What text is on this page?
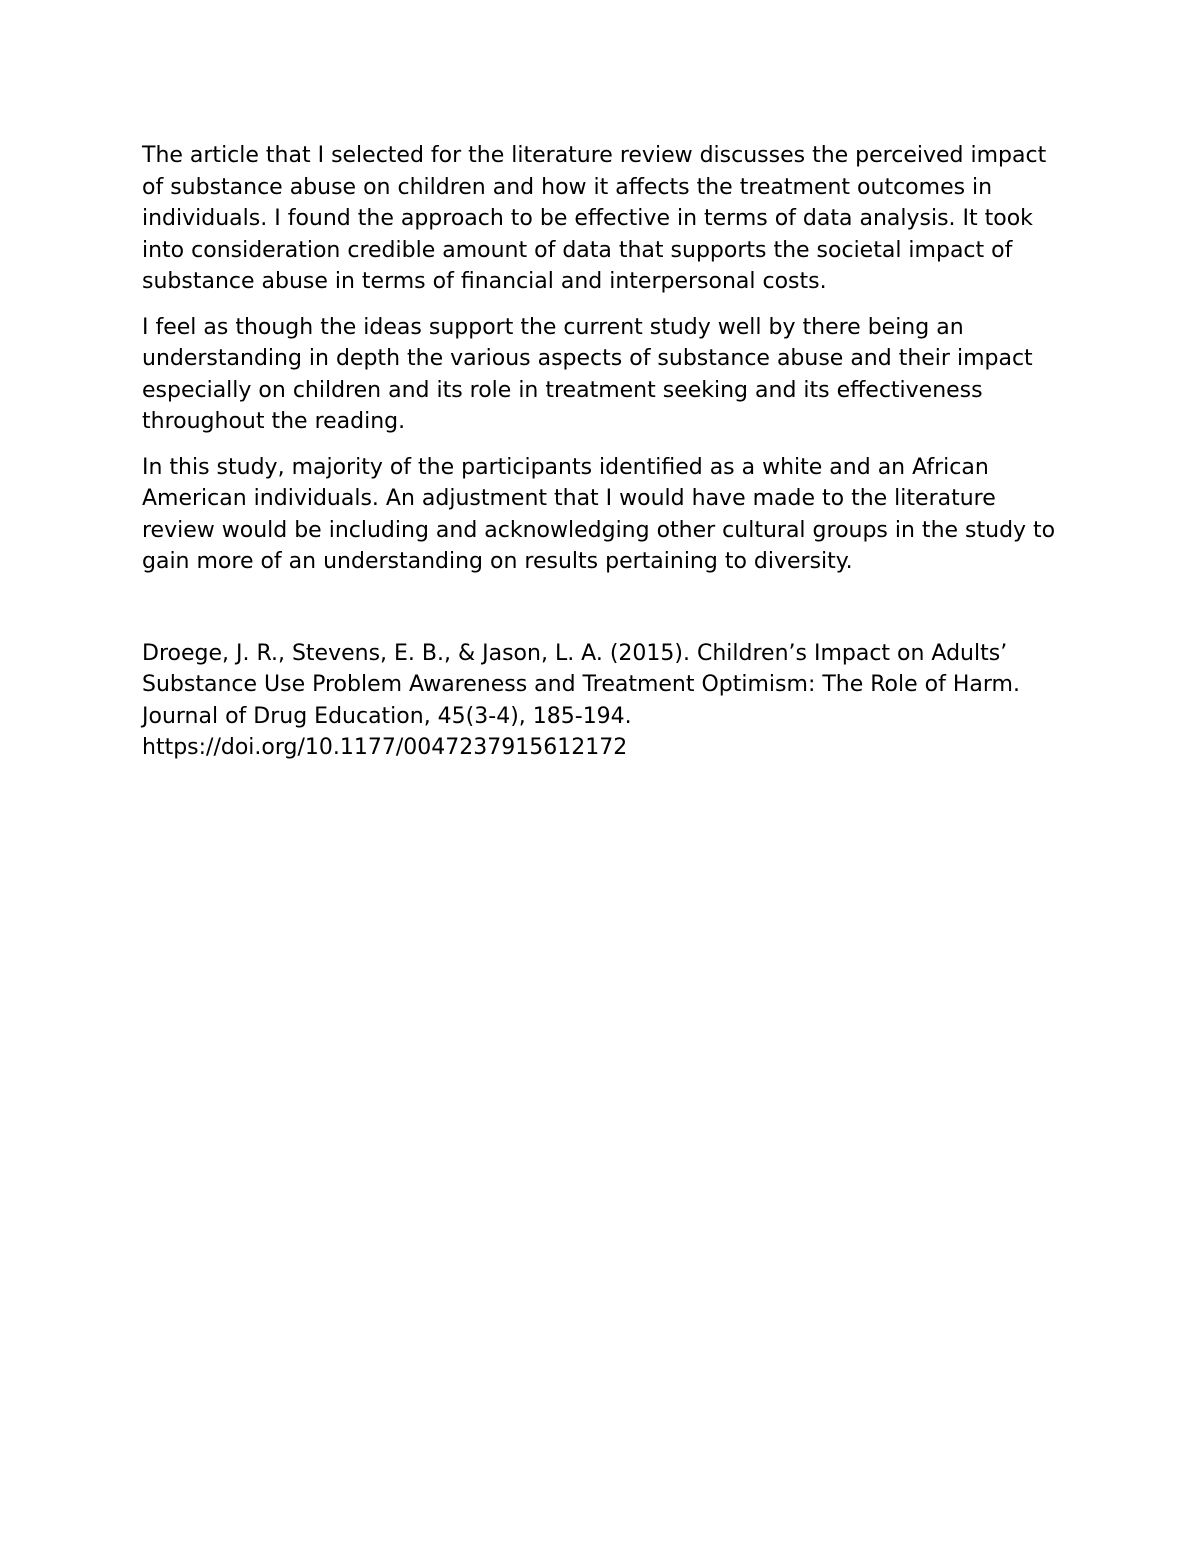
The article that I selected for the literature review discusses the perceived impact of substance abuse on children and how it affects the treatment outcomes in individuals. I found the approach to be effective in terms of data analysis. It took into consideration credible amount of data that supports the societal impact of substance abuse in terms of financial and interpersonal costs.

I feel as though the ideas support the current study well by there being an understanding in depth the various aspects of substance abuse and their impact especially on children and its role in treatment seeking and its effectiveness throughout the reading.

In this study, majority of the participants identified as a white and an African American individuals. An adjustment that I would have made to the literature review would be including and acknowledging other cultural groups in the study to gain more of an understanding on results pertaining to diversity.

Droege, J. R., Stevens, E. B., & Jason, L. A. (2015). Children’s Impact on Adults’ Substance Use Problem Awareness and Treatment Optimism: The Role of Harm. Journal of Drug Education, 45(3-4), 185-194.
https://doi.org/10.1177/0047237915612172
